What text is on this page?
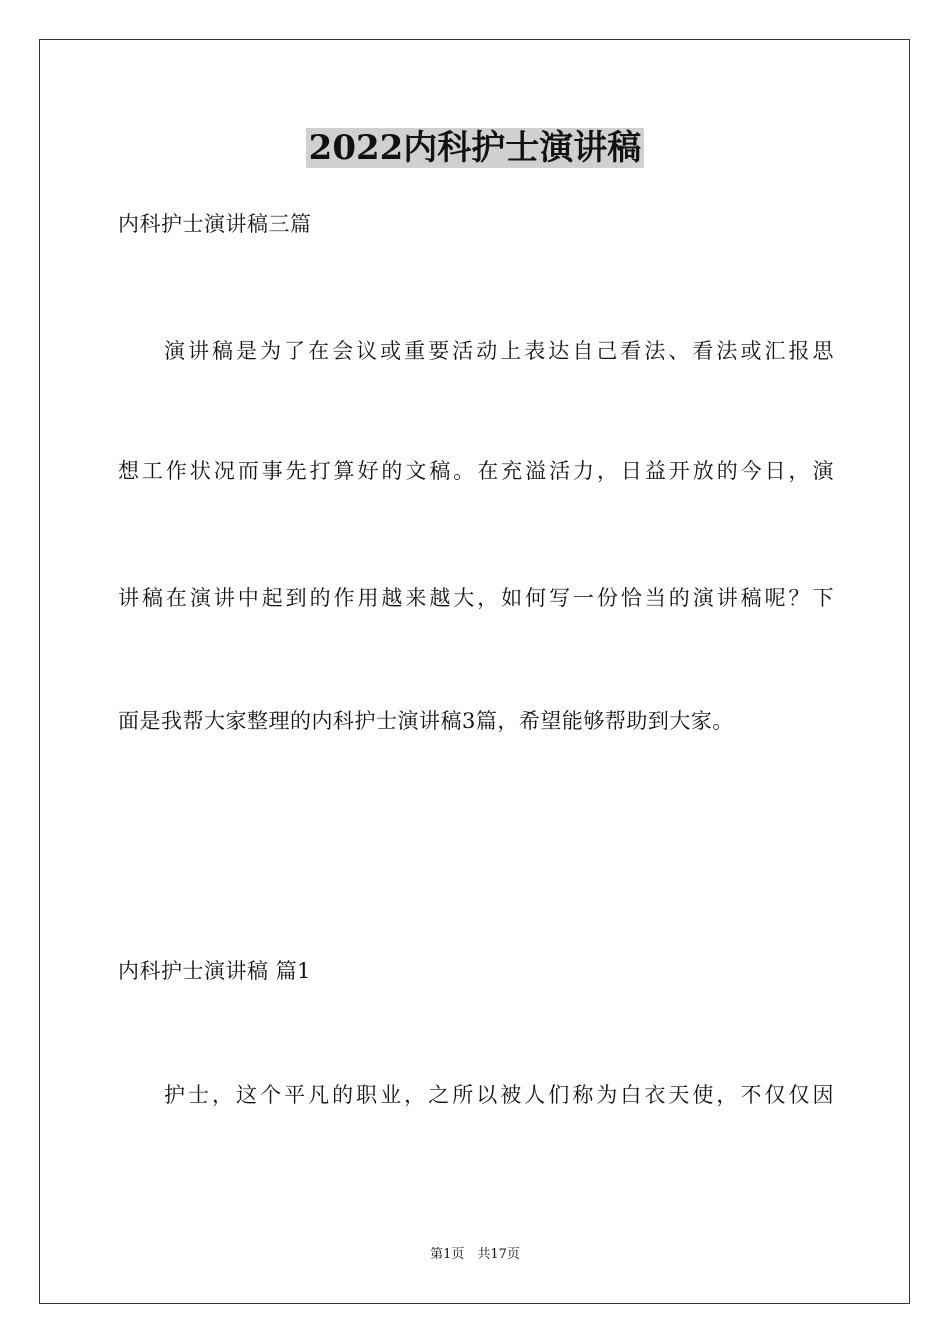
2022内科护士演讲稿
内科护士演讲稿三篇
演讲稿是为了在会议或重要活动上表达自己看法、看法或汇报思
想工作状况而事先打算好的文稿。在充溢活力，日益开放的今日，演
讲稿在演讲中起到的作用越来越大，如何写一份恰当的演讲稿呢？下
面是我帮大家整理的内科护士演讲稿3篇，希望能够帮助到大家。
内科护士演讲稿 篇1
护士，这个平凡的职业，之所以被人们称为白衣天使，不仅仅因
第1页　共17页
